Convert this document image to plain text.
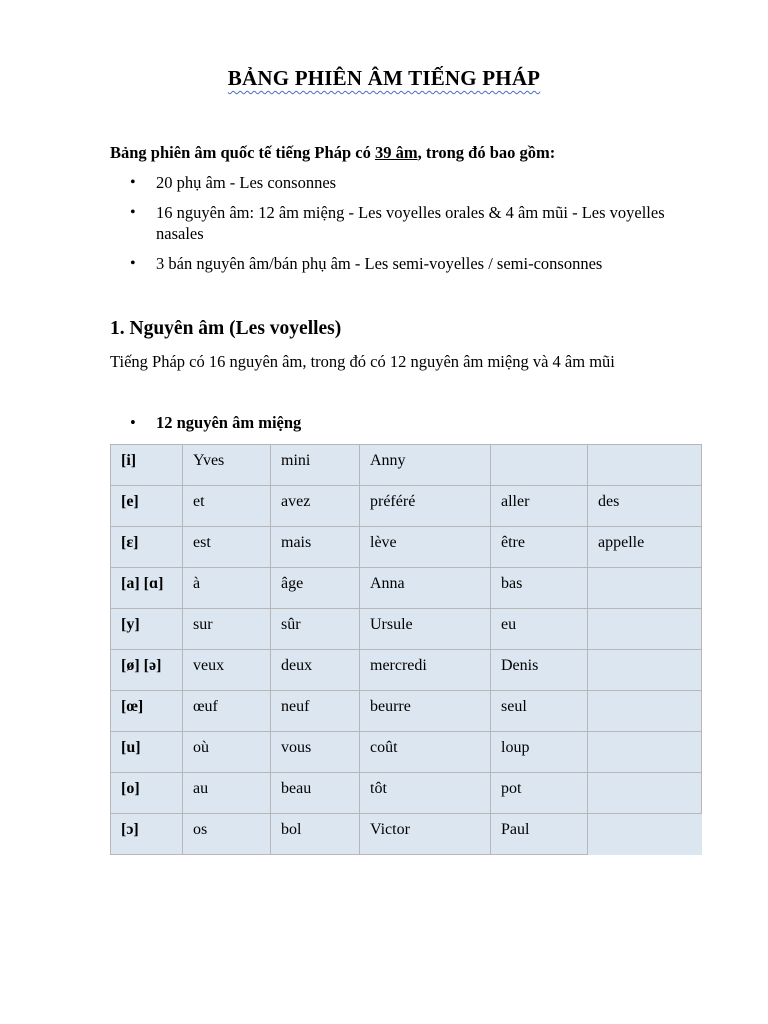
BẢNG PHIÊN ÂM TIẾNG PHÁP
Bảng phiên âm quốc tế tiếng Pháp có 39 âm, trong đó bao gồm:
• 20 phụ âm - Les consonnes
• 16 nguyên âm: 12 âm miệng - Les voyelles orales & 4 âm mũi - Les voyelles nasales
• 3 bán nguyên âm/bán phụ âm - Les semi-voyelles / semi-consonnes
1. Nguyên âm (Les voyelles)
Tiếng Pháp có 16 nguyên âm, trong đó có 12 nguyên âm miệng và 4 âm mũi
• 12 nguyên âm miệng
[i]	Yves	mini	Anny		
[e]	et	avez	préféré	aller	des
[ɛ]	est	mais	lève	être	appelle
[a] [ɑ]	à	âge	Anna	bas	
[y]	sur	sûr	Ursule	eu	
[ø] [ə]	veux	deux	mercredi	Denis	
[œ]	œuf	neuf	beurre	seul	
[u]	où	vous	coût	loup	
[o]	au	beau	tôt	pot	
[ɔ]	os	bol	Victor	Paul	
